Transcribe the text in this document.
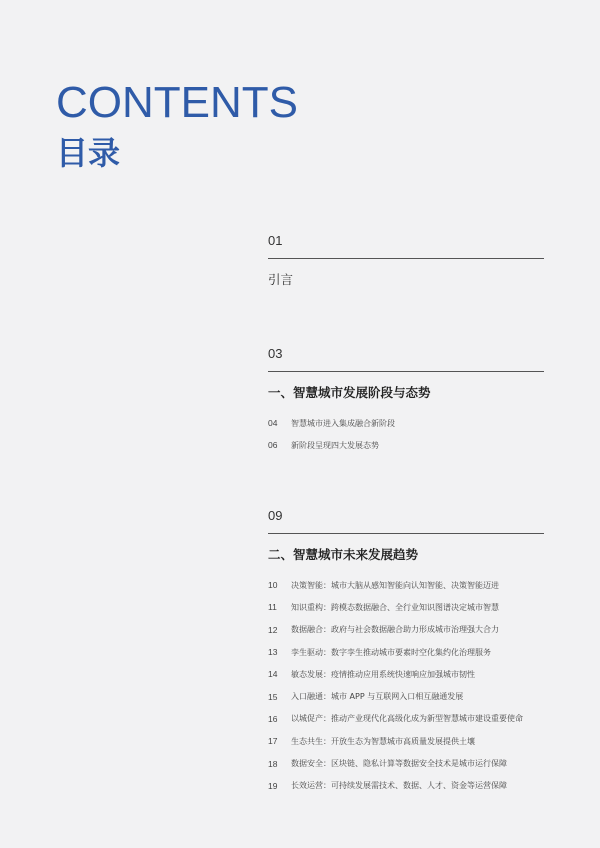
CONTENTS
目录
01
引言
03
一、智慧城市发展阶段与态势
04	智慧城市进入集成融合新阶段
06	新阶段呈现四大发展态势
09
二、智慧城市未来发展趋势
10	决策智能：城市大脑从感知智能向认知智能、决策智能迈进
11	知识重构：跨模态数据融合、全行业知识图谱决定城市智慧
12	数据融合：政府与社会数据融合助力形成城市治理强大合力
13	孪生驱动：数字孪生推动城市要素时空化集约化治理服务
14	敏态发展：疫情推动应用系统快速响应加强城市韧性
15	入口融通：城市 APP 与互联网入口相互融通发展
16	以城促产：推动产业现代化高级化成为新型智慧城市建设重要使命
17	生态共生：开放生态为智慧城市高质量发展提供土壤
18	数据安全：区块链、隐私计算等数据安全技术是城市运行保障
19	长效运营：可持续发展需技术、数据、人才、资金等运营保障
